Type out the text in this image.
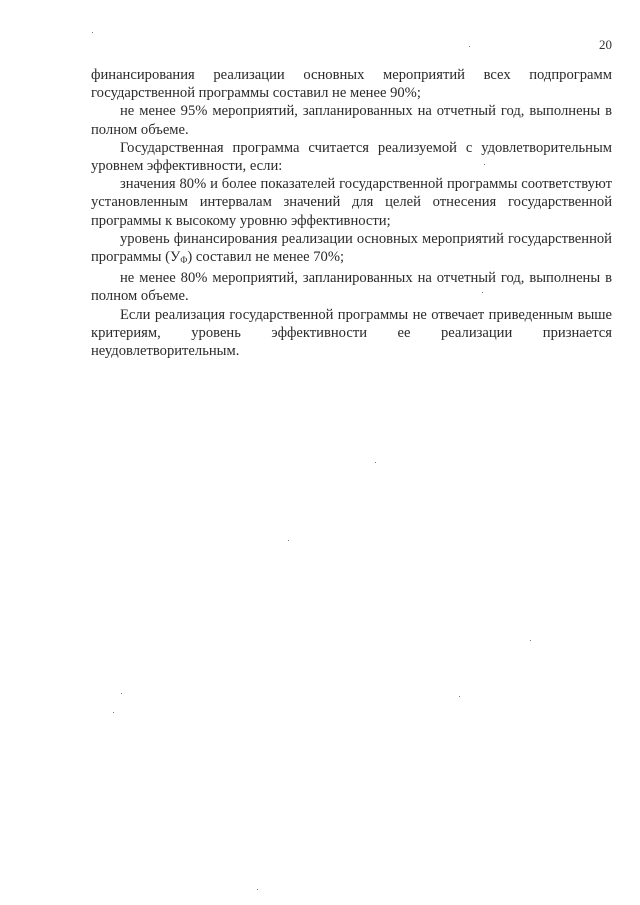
20

финансирования реализации основных мероприятий всех подпрограмм государственной программы составил не менее 90%;

не менее 95% мероприятий, запланированных на отчетный год, выполнены в полном объеме.

Государственная программа считается реализуемой с удовлетворительным уровнем эффективности, если:

значения 80% и более показателей государственной программы соответствуют установленным интервалам значений для целей отнесения государственной программы к высокому уровню эффективности;

уровень финансирования реализации основных мероприятий государственной программы $(У_Ф)$ составил не менее 70%;

не менее 80% мероприятий, запланированных на отчетный год, выполнены в полном объеме.

Если реализация государственной программы не отвечает приведенным выше критериям, уровень эффективности ее реализации признается неудовлетворительным.
